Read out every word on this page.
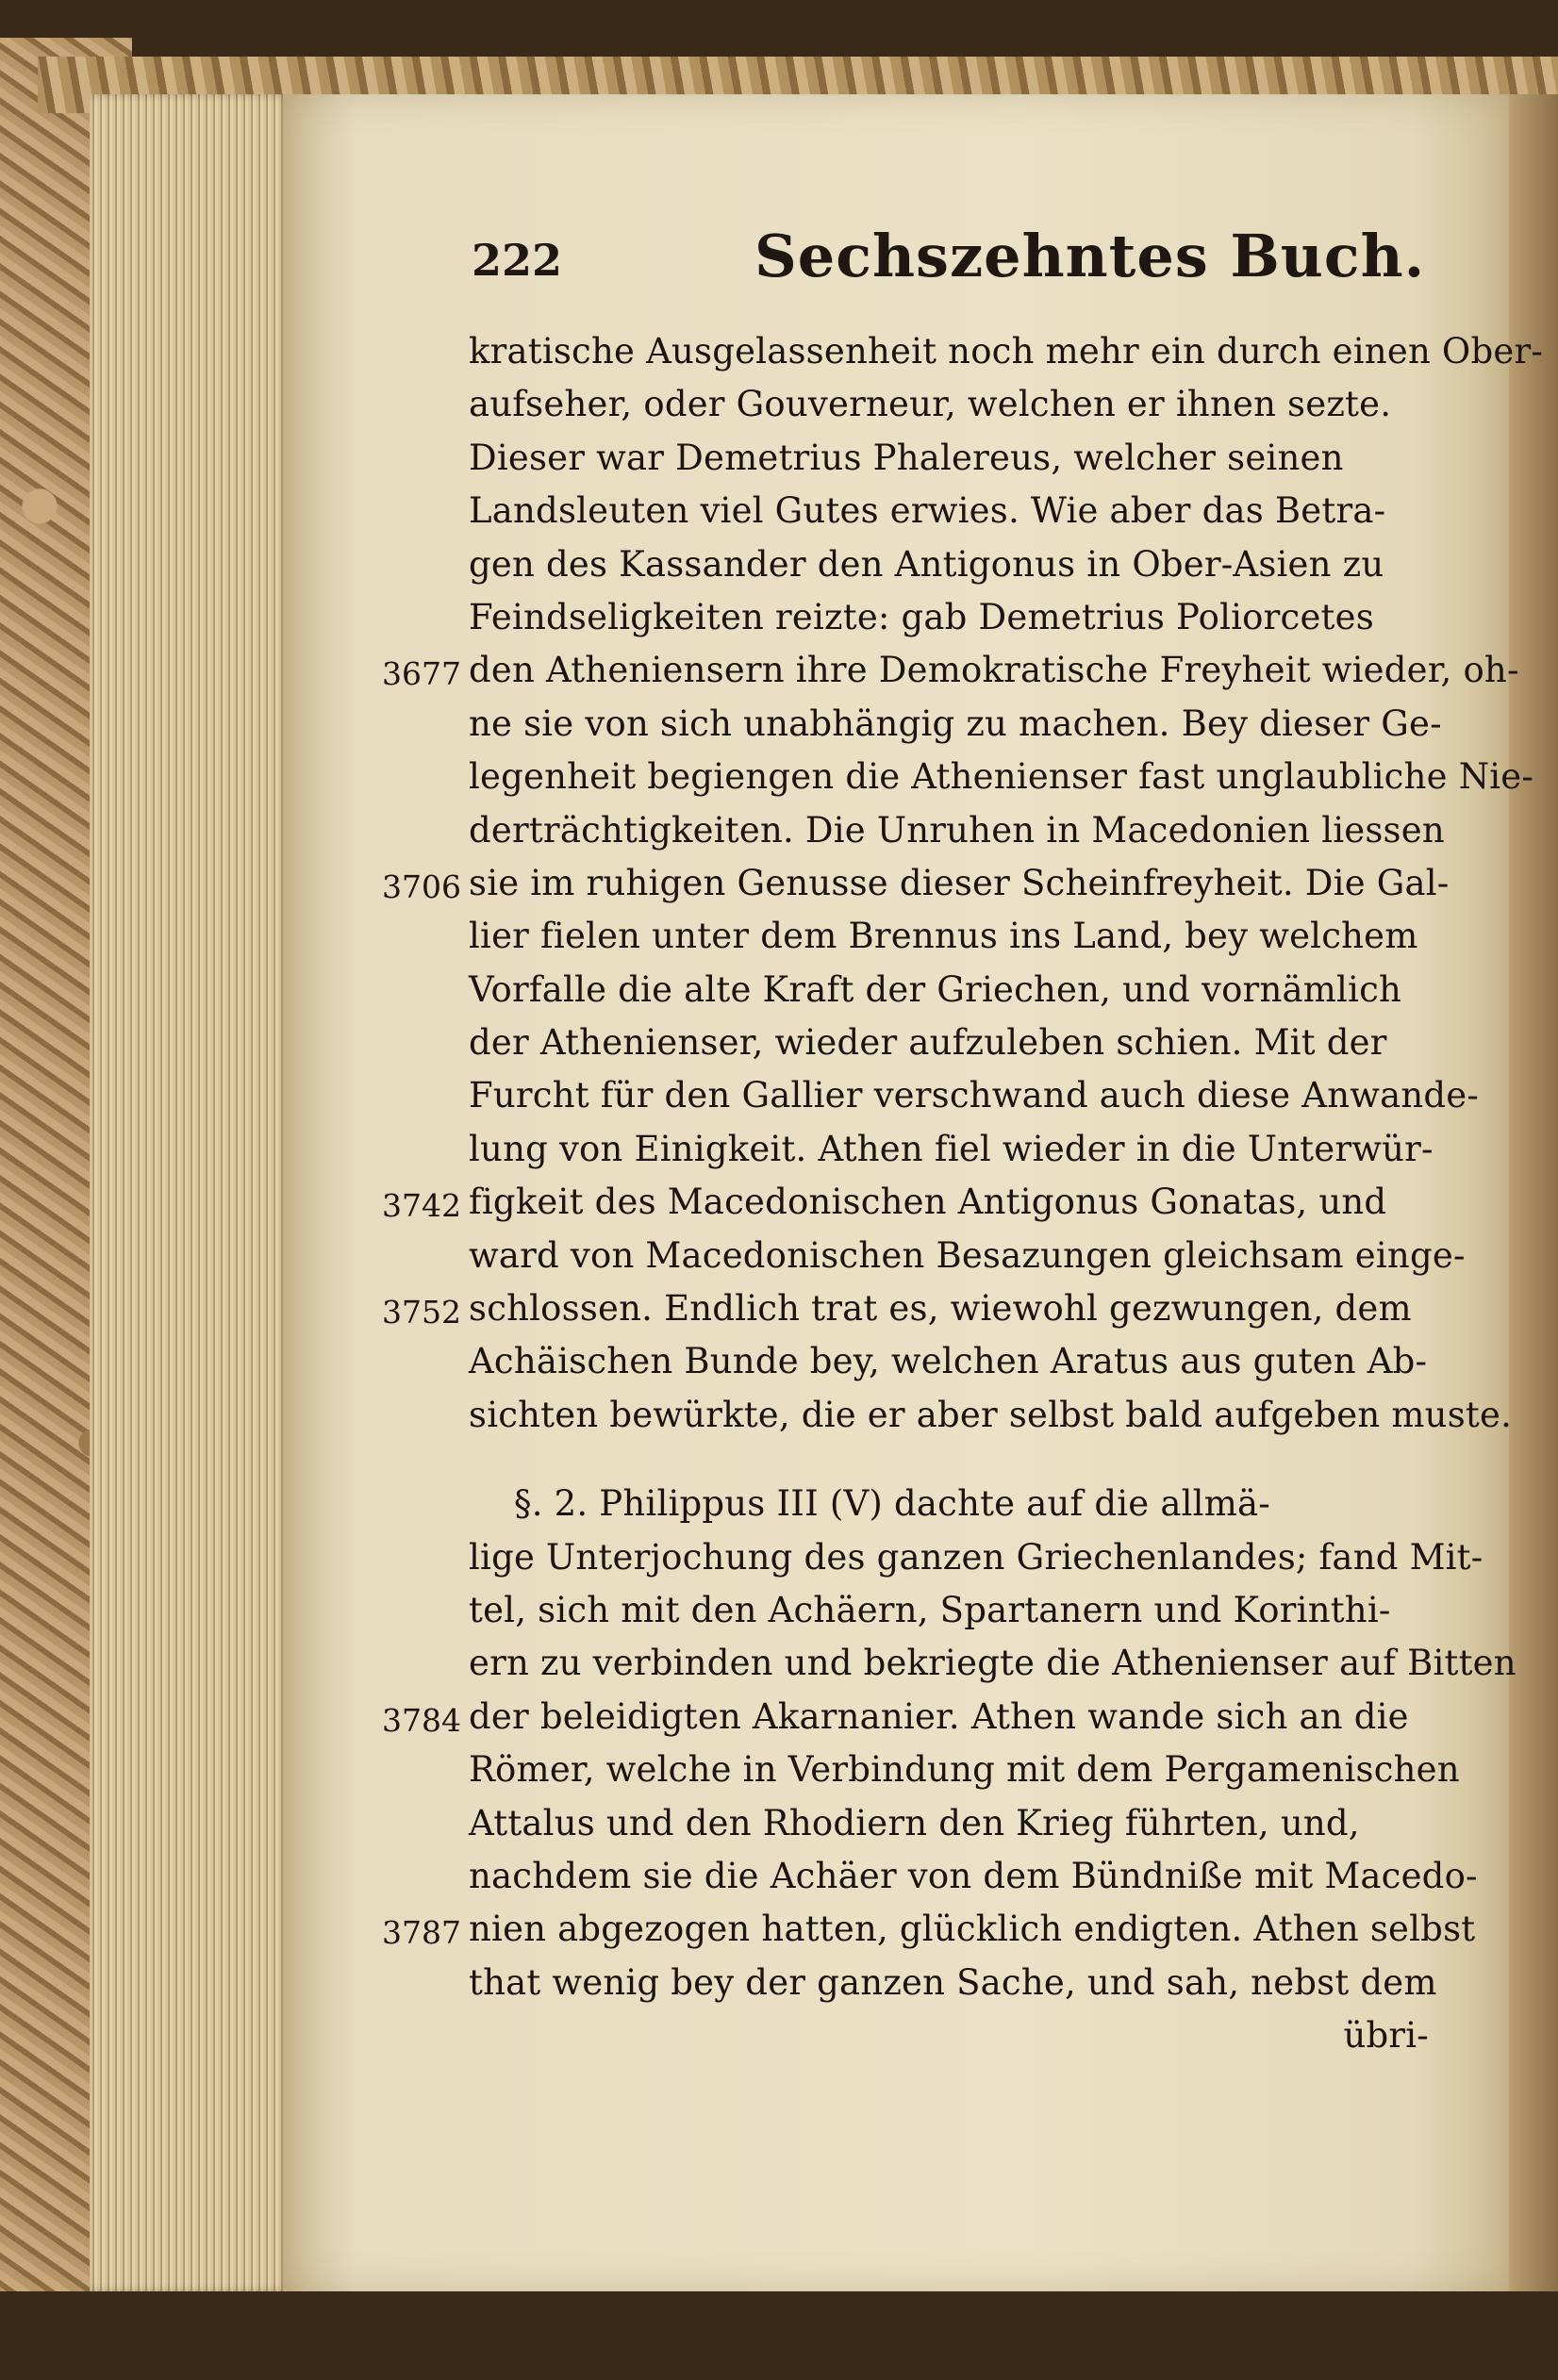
222	Sechszehntes Buch.
kratische Ausgelassenheit noch mehr ein durch einen Ober-
aufseher, oder Gouverneur, welchen er ihnen sezte.
Dieser war Demetrius Phalereus, welcher seinen
Landsleuten viel Gutes erwies. Wie aber das Betra-
gen des Kassander den Antigonus in Ober-Asien zu
Feindseligkeiten reizte: gab Demetrius Poliorcetes
3677 den Atheniensern ihre Demokratische Freyheit wieder, oh-
ne sie von sich unabhängig zu machen. Bey dieser Ge-
legenheit begiengen die Athenienser fast unglaubliche Nie-
derträchtigkeiten. Die Unruhen in Macedonien liessen
3706 sie im ruhigen Genusse dieser Scheinfreyheit. Die Gal-
lier fielen unter dem Brennus ins Land, bey welchem
Vorfalle die alte Kraft der Griechen, und vornämlich
der Athenienser, wieder aufzuleben schien. Mit der
Furcht für den Gallier verschwand auch diese Anwande-
lung von Einigkeit. Athen fiel wieder in die Unterwür-
3742 figkeit des Macedonischen Antigonus Gonatas, und
ward von Macedonischen Besazungen gleichsam einge-
3752 schlossen. Endlich trat es, wiewohl gezwungen, dem
Achäischen Bunde bey, welchen Aratus aus guten Ab-
sichten bewürkte, die er aber selbst bald aufgeben muste.
§. 2. Philippus III (V) dachte auf die allmä-
lige Unterjochung des ganzen Griechenlandes; fand Mit-
tel, sich mit den Achäern, Spartanern und Korinthi-
ern zu verbinden und bekriegte die Athenienser auf Bitten
3784 der beleidigten Akarnanier. Athen wande sich an die
Römer, welche in Verbindung mit dem Pergamenischen
Attalus und den Rhodiern den Krieg führten, und,
nachdem sie die Achäer von dem Bündniße mit Macedo-
3787 nien abgezogen hatten, glücklich endigten. Athen selbst
that wenig bey der ganzen Sache, und sah, nebst dem
übri-
